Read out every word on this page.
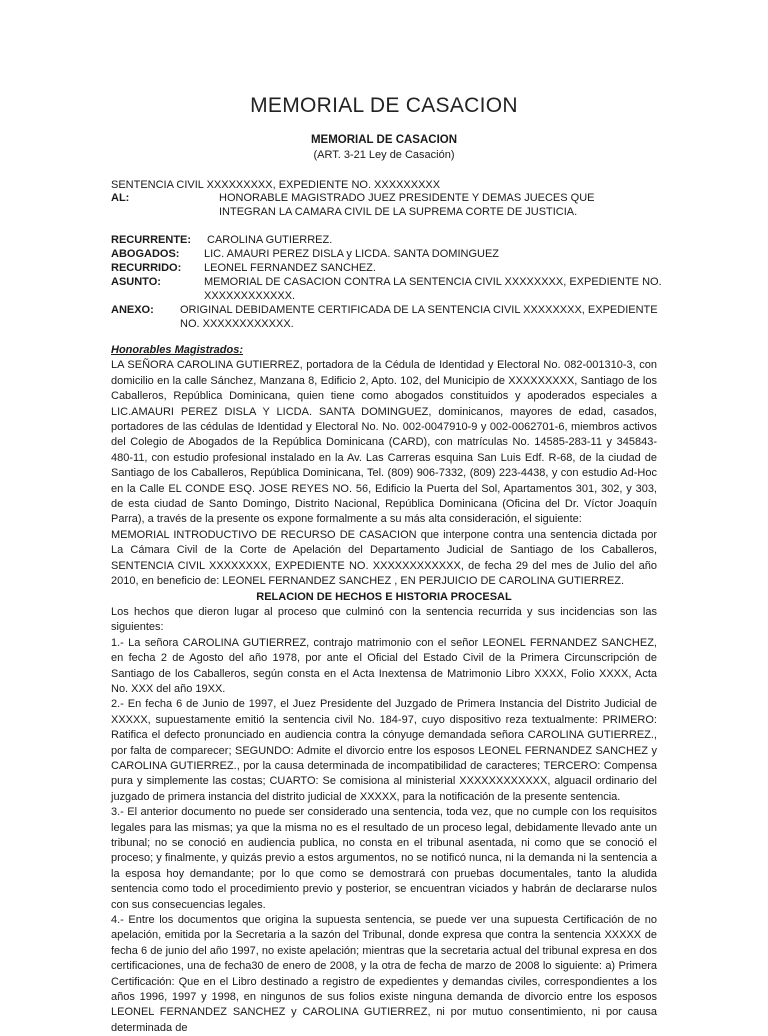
MEMORIAL DE CASACION
MEMORIAL DE CASACION
(ART. 3-21 Ley de Casación)
SENTENCIA CIVIL XXXXXXXXX, EXPEDIENTE NO. XXXXXXXXX
AL:	HONORABLE MAGISTRADO JUEZ PRESIDENTE Y DEMAS JUECES QUE
INTEGRAN LA CAMARA CIVIL DE LA SUPREMA CORTE DE JUSTICIA.
RECURRENTE: CAROLINA GUTIERREZ.
ABOGADOS: LIC. AMAURI PEREZ DISLA y LICDA. SANTA DOMINGUEZ
RECURRIDO: LEONEL FERNANDEZ SANCHEZ.
ASUNTO:	MEMORIAL DE CASACION CONTRA LA SENTENCIA CIVIL XXXXXXXX, EXPEDIENTE NO.
XXXXXXXXXXXX.
ANEXO: ORIGINAL DEBIDAMENTE CERTIFICADA DE LA SENTENCIA CIVIL XXXXXXXX, EXPEDIENTE
NO. XXXXXXXXXXXX.

Honorables Magistrados:

LA SEÑORA CAROLINA GUTIERREZ, portadora de la Cédula de Identidad y Electoral No. 082-001310-3, con domicilio en la calle Sánchez, Manzana 8, Edificio 2, Apto. 102, del Municipio de XXXXXXXXX, Santiago de los Caballeros, República Dominicana, quien tiene como abogados constituidos y apoderados especiales a LIC.AMAURI PEREZ DISLA Y LICDA. SANTA DOMINGUEZ, dominicanos, mayores de edad, casados, portadores de las cédulas de Identidad y Electoral No. No. 002-0047910-9 y 002-0062701-6, miembros activos del Colegio de Abogados de la República Dominicana (CARD), con matrículas No. 14585-283-11 y 345843-480-11, con estudio profesional instalado en la Av. Las Carreras esquina San Luis Edf. R-68, de la ciudad de Santiago de los Caballeros, República Dominicana, Tel. (809) 906-7332, (809) 223-4438, y con estudio Ad-Hoc en la Calle EL CONDE ESQ. JOSE REYES NO. 56, Edificio la Puerta del Sol, Apartamentos 301, 302, y 303, de esta ciudad de Santo Domingo, Distrito Nacional, República Dominicana (Oficina del Dr. Víctor Joaquín Parra), a través de la presente os expone formalmente a su más alta consideración, el siguiente:

MEMORIAL INTRODUCTIVO DE RECURSO DE CASACION que interpone contra una sentencia dictada por La Cámara Civil de la Corte de Apelación del Departamento Judicial de Santiago de los Caballeros, SENTENCIA CIVIL XXXXXXXX, EXPEDIENTE NO. XXXXXXXXXXXX, de fecha 29 del mes de Julio del año 2010, en beneficio de: LEONEL FERNANDEZ SANCHEZ , EN PERJUICIO DE CAROLINA GUTIERREZ.

RELACION DE HECHOS E HISTORIA PROCESAL

Los hechos que dieron lugar al proceso que culminó con la sentencia recurrida y sus incidencias son las siguientes:

1.- La señora CAROLINA GUTIERREZ, contrajo matrimonio con el señor LEONEL FERNANDEZ SANCHEZ, en fecha 2 de Agosto del año 1978, por ante el Oficial del Estado Civil de la Primera Circunscripción de Santiago de los Caballeros, según consta en el Acta Inextensa de Matrimonio Libro XXXX, Folio XXXX, Acta No. XXX del año 19XX.

2.- En fecha 6 de Junio de 1997, el Juez Presidente del Juzgado de Primera Instancia del Distrito Judicial de XXXXX, supuestamente emitió la sentencia civil No. 184-97, cuyo dispositivo reza textualmente: PRIMERO: Ratifica el defecto pronunciado en audiencia contra la cónyuge demandada señora CAROLINA GUTIERREZ., por falta de comparecer; SEGUNDO: Admite el divorcio entre los esposos LEONEL FERNANDEZ SANCHEZ y CAROLINA GUTIERREZ., por la causa determinada de incompatibilidad de caracteres; TERCERO: Compensa pura y simplemente las costas; CUARTO: Se comisiona al ministerial XXXXXXXXXXXX, alguacil ordinario del juzgado de primera instancia del distrito judicial de XXXXX, para la notificación de la presente sentencia.

3.- El anterior documento no puede ser considerado una sentencia, toda vez, que no cumple con los requisitos legales para las mismas; ya que la misma no es el resultado de un proceso legal, debidamente llevado ante un tribunal; no se conoció en audiencia publica, no consta en el tribunal asentada, ni como que se conoció el proceso; y finalmente, y quizás previo a estos argumentos, no se notificó nunca, ni la demanda ni la sentencia a la esposa hoy demandante; por lo que como se demostrará con pruebas documentales, tanto la aludida sentencia como todo el procedimiento previo y posterior, se encuentran viciados y habrán de declararse nulos con sus consecuencias legales.

4.- Entre los documentos que origina la supuesta sentencia, se puede ver una supuesta Certificación de no apelación, emitida por la Secretaria a la sazón del Tribunal, donde expresa que contra la sentencia XXXXX de fecha 6 de junio del año 1997, no existe apelación; mientras que la secretaria actual del tribunal expresa en dos certificaciones, una de fecha30 de enero de 2008, y la otra de fecha de marzo de 2008 lo siguiente: a) Primera Certificación: Que en el Libro destinado a registro de expedientes y demandas civiles, correspondientes a los años 1996, 1997 y 1998, en ningunos de sus folios existe ninguna demanda de divorcio entre los esposos LEONEL FERNANDEZ SANCHEZ y CAROLINA GUTIERREZ, ni por mutuo consentimiento, ni por causa determinada de
